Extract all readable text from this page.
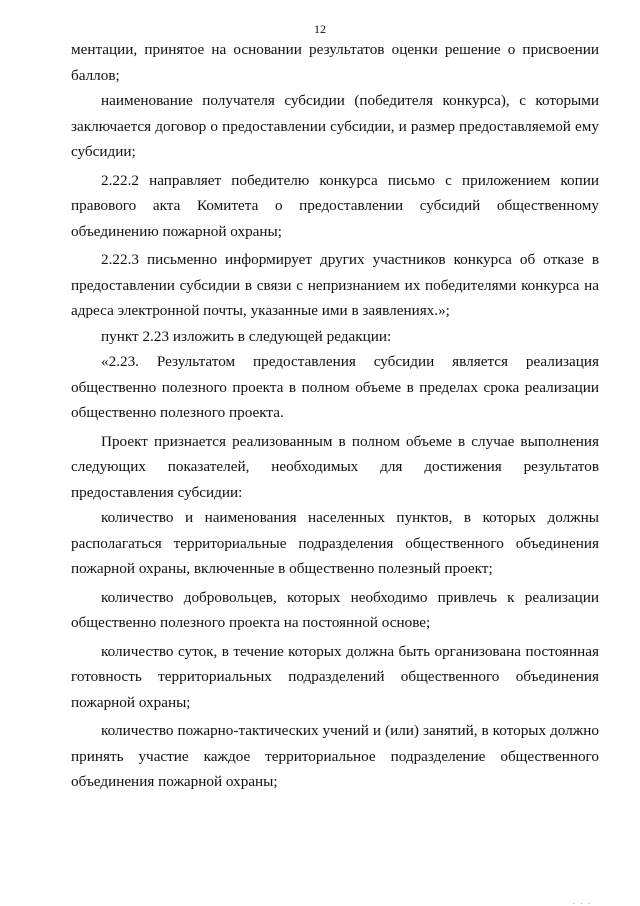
12

ментации, принятое на основании результатов оценки решение о присвоении баллов;

наименование получателя субсидии (победителя конкурса), с которыми заключается договор о предоставлении субсидии, и размер предоставляемой ему субсидии;

2.22.2 направляет победителю конкурса письмо с приложением копии правового акта Комитета о предоставлении субсидий общественному объединению пожарной охраны;

2.22.3 письменно информирует других участников конкурса об отказе в предоставлении субсидии в связи с непризнанием их победителями конкурса на адреса электронной почты, указанные ими в заявлениях.»;

пункт 2.23 изложить в следующей редакции:

«2.23. Результатом предоставления субсидии является реализация общественно полезного проекта в полном объеме в пределах срока реализации общественно полезного проекта.

Проект признается реализованным в полном объеме в случае выполнения следующих показателей, необходимых для достижения результатов предоставления субсидии:

количество и наименования населенных пунктов, в которых должны располагаться территориальные подразделения общественного объединения пожарной охраны, включенные в общественно полезный проект;

количество добровольцев, которых необходимо привлечь к реализации общественно полезного проекта на постоянной основе;

количество суток, в течение которых должна быть организована постоянная готовность территориальных подразделений общественного объединения пожарной охраны;

количество пожарно-тактических учений и (или) занятий, в которых должно принять участие каждое территориальное подразделение общественного объединения пожарной охраны;

. . .
